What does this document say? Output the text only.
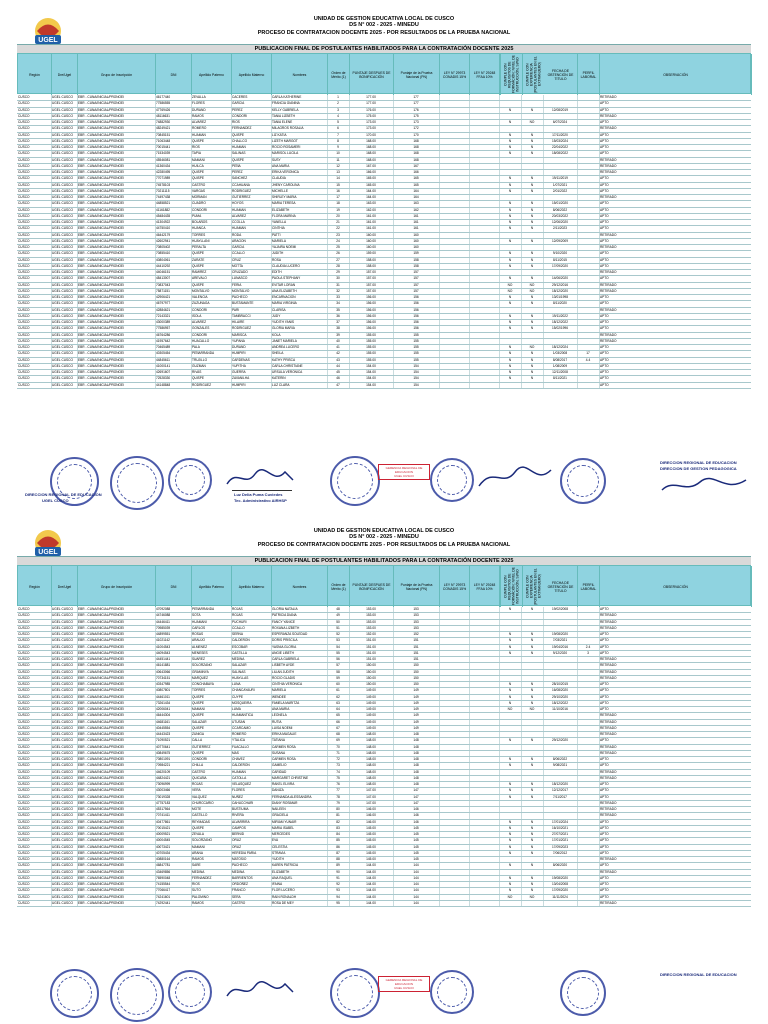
UGEL
UNIDAD DE GESTION EDUCATIVA LOCAL DE CUSCO
DS N° 002 - 2025 - MINEDU
PROCESO DE CONTRATACION DOCENTE 2025 - POR RESULTADOS DE LA PRUEBA NACIONAL
PUBLICACION FINAL DE POSTULANTES HABILITADOS PARA LA CONTRATACIÓN DOCENTE 2025
Región	Dre/Ugel	Grupo de Inscripción	DNI	Apellido Paterno	Apellido Materno	Nombres	Orden de Mérito (1)
PUNTAJE DESPUES DE BONIFICACIÓN
Puntaje de la Prueba Nacional (PN)
LEY N° 29973 CONADIS 15%
LEY N° 29248 FFAA 10%	CUMPLE CON REQUISITOS DE FORMACIÓN: NIVEL DE INSTRUCCIÓN, SI/NO	CUMPLE CON EXPERIENCIA (POSTULANTES EN EL EXTRANJERO)	FECHA DE OBTENCIÓN DE TITULO
PERFIL LABORAL	OBSERVACIÓN
CUSCO	UGEL CUSCO	EBR - CUNA/INICIAL/PRONOEI	46177440	ZEVALLA	CACERES	CARLA KATHERINE	1	177.00	177	RETIRADO
CUSCO	UGEL CUSCO	EBR - CUNA/INICIAL/PRONOEI	77586555	FLORES	GARCIA	FRANCIA GIANINA	2	177.00	177	APTO
CUSCO	UGEL CUSCO	EBR - CUNA/INICIAL/PRONOEI	47769426	DURAND	PEREZ	KELLY GABRIELA	3	176.00	176	N	N	12/08/2019	APTO
CUSCO	UGEL CUSCO	EBR - CUNA/INICIAL/PRONOEI	48116631	RAMOS	CONDORI	TANIA LIZBETH	4	175.00	175	RETIRADO
CUSCO	UGEL CUSCO	EBR - CUNA/INICIAL/PRONOEI	74882930	ALVAREZ	RIOS	TANIA ELENE	5	173.00	173	N	NO	6/07/2024	APTO
CUSCO	UGEL CUSCO	EBR - CUNA/INICIAL/PRONOEI	48249421	ROMERO	FERNANDEZ	MILAGROS ROSALIA	6	173.00	172	RETIRADO
CUSCO	UGEL CUSCO	EBR - CUNA/INICIAL/PRONOEI	70845151	HUAMAN	QUISPE	LIZ KATIA	7	170.00	170	N	N	17/11/2020	APTO
CUSCO	UGEL CUSCO	EBR - CUNA/INICIAL/PRONOEI	71063448	QUISPE	CHALLCO	LIZETH MARGOT	8	168.00	168	N	N	15/03/2024	APTO
CUSCO	UGEL CUSCO	EBR - CUNA/INICIAL/PRONOEI	70015441	RIOS	HUAMAN	ROCIO ROSAMERI	9	168.00	168	N	N	22/04/2022	APTO
CUSCO	UGEL CUSCO	EBR - CUNA/INICIAL/PRONOEI	71534039	TAPIA	SALINAS	MARISOL LUCILA	10	168.00	168	N	N	18/08/2022	APTO
CUSCO	UGEL CUSCO	EBR - CUNA/INICIAL/PRONOEI	45546081	MAMANI	QUISPE	SUSY	11	168.00	168	RETIRADO
CUSCO	UGEL CUSCO	EBR - CUNA/INICIAL/PRONOEI	41360434	HUILCA	PEÑA	ANA MARIA	12	167.00	167	RETIRADO
CUSCO	UGEL CUSCO	EBR - CUNA/INICIAL/PRONOEI	42280495	QUISPE	PEREZ	ERIKA VERONICA	13	166.00	166	RETIRADO
CUSCO	UGEL CUSCO	EBR - CUNA/INICIAL/PRONOEI	77071989	QUISPE	SANCHEZ	CLAUDIA	14	165.00	165	N	N	19/11/2019	APTO
CUSCO	UGEL CUSCO	EBR - CUNA/INICIAL/PRONOEI	74578103	CASTRO	CCAHUANA	JHENY CAROLINA	15	165.00	165	N	N	1/07/2021	APTO
CUSCO	UGEL CUSCO	EBR - CUNA/INICIAL/PRONOEI	70211115	VARGAS	RODRIGUEZ	MICHELLE	16	164.00	164	N	N	2/01/2022	APTO
CUSCO	UGEL CUSCO	EBR - CUNA/INICIAL/PRONOEI	74497438	MORMAN	GUTIERREZ	SHIRLEY MARIA	17	164.00	164	RETIRADO
CUSCO	UGEL CUSCO	EBR - CUNA/INICIAL/PRONOEI	44858521	CUADRO	HOYOS	MARIA TERESA	18	163.00	163	N	N	15/01/2020	APTO
CUSCO	UGEL CUSCO	EBR - CUNA/INICIAL/PRONOEI	41161882	CONDORI	HUAMAN	ELIZABETH	19	162.00	162	N	N	8/06/2022	APTO
CUSCO	UGEL CUSCO	EBR - CUNA/INICIAL/PRONOEI	45484435	PUMA	ALVAREZ	FLORA MARINA	20	161.00	161	N	N	20/03/2022	APTO
CUSCO	UGEL CUSCO	EBR - CUNA/INICIAL/PRONOEI	41304922	BOLAÑOS	CCOLLA	YANELLA	21	161.00	161	N	N	12/06/2020	APTO
CUSCO	UGEL CUSCO	EBR - CUNA/INICIAL/PRONOEI	44750410	HUANCA	HUAMAN	CINTHIA	22	161.00	161	N	N	2/11/2023	APTO
CUSCO	UGEL CUSCO	EBR - CUNA/INICIAL/PRONOEI	46442179	TORRES	RODA	PATTI	23	160.00	160	RETIRADO
CUSCO	UGEL CUSCO	EBR - CUNA/INICIAL/PRONOEI	42602941	HUAYLLANI	ARAGON	MARIELA	24	160.00	160	N	N	12/09/2009	APTO
CUSCO	UGEL CUSCO	EBR - CUNA/INICIAL/PRONOEI	70805402	PERALTA	GARCIA	YAJAIRA NOEMI	25	160.00	160	RETIRADO
CUSCO	UGEL CUSCO	EBR - CUNA/INICIAL/PRONOEI	70855410	QUISPE	CCALLO	JUDITH	26	159.00	159	N	N	9/10/2020	APTO
CUSCO	UGEL CUSCO	EBR - CUNA/INICIAL/PRONOEI	40804061	ZARATE	CRUZ	ROSA	27	158.00	158	N	N	8/11/2015	APTO
CUSCO	UGEL CUSCO	EBR - CUNA/INICIAL/PRONOEI	44410292	QUISPE	MOTTA	CLAUDIA LUCERO	28	158.00	158	N	N	17/09/2020	APTO
CUSCO	UGEL CUSCO	EBR - CUNA/INICIAL/PRONOEI	44046151	RAMIREZ	CRUZADO	EDITH	29	157.00	157	RETIRADO
CUSCO	UGEL CUSCO	EBR - CUNA/INICIAL/PRONOEI	48413007	AREVALO	LUNASCO	PAOLA STEPHANY	30	157.00	157	N	N	14/06/2020	APTO
CUSCO	UGEL CUSCO	EBR - CUNA/INICIAL/PRONOEI	70837043	QUISPE	FERIA	EVITAR LORAN	31	157.00	157	NO	NO	29/12/2016	RETIRADO
CUSCO	UGEL CUSCO	EBR - CUNA/INICIAL/PRONOEI	75871151	MONTALVO	MONTALVO	ANA ELIZABETH	32	157.00	157	NO	NO	18/12/2020	RETIRADO
CUSCO	UGEL CUSCO	EBR - CUNA/INICIAL/PRONOEI	42906421	VALENCIA	PACHECO	ENCARNACION	33	156.00	156	N	N	13/01/1998	APTO
CUSCO	UGEL CUSCO	EBR - CUNA/INICIAL/PRONOEI	46797977	ZUZUNAGA	BUSTAMANTE	MARIA VIRGINIA	34	156.00	156	N	N	8/11/2020	APTO
CUSCO	UGEL CUSCO	EBR - CUNA/INICIAL/PRONOEI	42884621	CONDORI	PARI	CLARISA	35	156.00	156	RETIRADO
CUSCO	UGEL CUSCO	EBR - CUNA/INICIAL/PRONOEI	72143321	ISOLA	TAMBRACCI	JUDY	36	156.00	156	N	N	19/11/2022	APTO
CUSCO	UGEL CUSCO	EBR - CUNA/INICIAL/PRONOEI	43000389	ALVAREZ	HILAIRE	YUDITH YANIS	37	156.00	156	N	N	18/12/2022	APTO
CUSCO	UGEL CUSCO	EBR - CUNA/INICIAL/PRONOEI	77586957	GONZALES	RODRIGUEZ	GLORIA MARIA	38	156.00	156	N	N	15/02/1996	APTO
CUSCO	UGEL CUSCO	EBR - CUNA/INICIAL/PRONOEI	46764286	CONDORI	MARISCA	KOLA	39	155.00	155	RETIRADO
CUSCO	UGEL CUSCO	EBR - CUNA/INICIAL/PRONOEI	41957642	HUACALLO	YUPANA	JANET MARIELA	40	155.00	155	RETIRADO
CUSCO	UGEL CUSCO	EBR - CUNA/INICIAL/PRONOEI	70465489	PALA	DURAND	ANDREA LUCERO	41	155.00	155	N	NO	18/12/2024	APTO
CUSCO	UGEL CUSCO	EBR - CUNA/INICIAL/PRONOEI	40305454	PEÑARRANDA	HUMPIRI	SHEILA	42	155.00	155	N	N	1/03/2008	17	APTO
CUSCO	UGEL CUSCO	EBR - CUNA/INICIAL/PRONOEI	44845611	TRUJILLO	CARDENAS	KATHY PRISCA	43	155.00	155	N	N	8/08/2017	4.4	APTO
CUSCO	UGEL CUSCO	EBR - CUNA/INICIAL/PRONOEI	41000141	GUZMAN	YUPITHA	CARLA CHRISTIANE	44	154.00	154	N	N	1/08/2009	APTO
CUSCO	UGEL CUSCO	EBR - CUNA/INICIAL/PRONOEI	42691607	RIVAS	GUERRA	URSULA VERONICA	45	154.00	154	N	N	12/11/2008	APTO
CUSCO	UGEL CUSCO	EBR - CUNA/INICIAL/PRONOEI	72528330	QUISPE	ZAVANILHA	KATERIN	46	154.00	154	N	N	8/11/2021	APTO
CUSCO	UGEL CUSCO	EBR - CUNA/INICIAL/PRONOEI	44148848	RODRIGUEZ	HUMPIRI	LUZ CLARA	47	154.00	154	APTO
DIRECCION REGIONAL DE EDUCACION
UGEL CUSCO
Luz Delia Puma Cuviedes
Tec. Administrativo AIRHSP
GERENCIA REGIONAL DE EDUCACION
UGEL CUSCO
DIRECCION REGIONAL DE EDUCACION
DIRECCION DE GESTION PEDAGOGICA
UGEL
UNIDAD DE GESTION EDUCATIVA LOCAL DE CUSCO
DS N° 002 - 2025 - MINEDU
PROCESO DE CONTRATACION DOCENTE 2025 - POR RESULTADOS DE LA PRUEBA NACIONAL
PUBLICACION FINAL DE POSTULANTES HABILITADOS PARA LA CONTRATACIÓN DOCENTE 2025
Región	Dre/Ugel	Grupo de Inscripción	DNI	Apellido Paterno	Apellido Materno	Nombres	Orden de Mérito (1)
PUNTAJE DESPUES DE BONIFICACIÓN
Puntaje de la Prueba Nacional (PN)
LEY N° 29973 CONADIS 15%
LEY N° 29248 FFAA 10%	CUMPLE CON REQUISITOS DE FORMACIÓN: NIVEL DE INSTRUCCIÓN, SI/NO	CUMPLE CON EXPERIENCIA (POSTULANTES EN EL EXTRANJERO)	FECHA DE OBTENCIÓN DE TITULO
PERFIL LABORAL	OBSERVACIÓN
CUSCO	UGEL CUSCO	EBR - CUNA/INICIAL/PRONOEI	47092088	PEÑARRANDA	ROJAS	GLORIA NATALIA	48	153.00	153	N	N	19/02/2008	APTO
CUSCO	UGEL CUSCO	EBR - CUNA/INICIAL/PRONOEI	44746088	SOTA	ROJAS	PATRICIA DIANA	49	153.00	153	RETIRADO
CUSCO	UGEL CUSCO	EBR - CUNA/INICIAL/PRONOEI	44446411	HUAMANI	PUCHURI	FANCY YANICE	50	153.00	153	RETIRADO
CUSCO	UGEL CUSCO	EBR - CUNA/INICIAL/PRONOEI	70985039	CARLOS	CCALLO	ROXANA LIZBETH	51	153.00	153	RETIRADO
CUSCO	UGEL CUSCO	EBR - CUNA/INICIAL/PRONOEI	44899551	ROSAS	SERNA	ESPERANZA SOLEDAD	52	152.00	152	N	N	19/08/2020	APTO
CUSCO	UGEL CUSCO	EBR - CUNA/INICIAL/PRONOEI	41021142	ARAUJO	CALDERON	DORIS PRISCILA	53	151.00	151	N	N	7/03/2021	APTO
CUSCO	UGEL CUSCO	EBR - CUNA/INICIAL/PRONOEI	41004543	ALMENEZ	ESCOBAR	YASNIA GLORIA	54	151.00	151	N	N	19/04/2016	2.4	APTO
CUSCO	UGEL CUSCO	EBR - CUNA/INICIAL/PRONOEI	44094543	MENESES	CASTILLA	ANGIE LIBETH	55	151.00	151	N	N	9/12/2020	3	APTO
CUSCO	UGEL CUSCO	EBR - CUNA/INICIAL/PRONOEI	44451441	SUAREZ	MEDINA	CARLA GABRIELA	56	151.00	151	RETIRADO
CUSCO	UGEL CUSCO	EBR - CUNA/INICIAL/PRONOEI	46141881	SOLORZANO	SALAZAR	LISBETH AYDE	57	150.00	150	RETIRADO
CUSCO	UGEL CUSCO	EBR - CUNA/INICIAL/PRONOEI	40643066	GRAMINYA	SALINAS	LILIAN JUDITH	58	150.00	150	RETIRADO
CUSCO	UGEL CUSCO	EBR - CUNA/INICIAL/PRONOEI	70734151	MARQUEZ	HUAYLLAS	ROCIO GLADIS	59	150.00	150	RETIRADO
CUSCO	UGEL CUSCO	EBR - CUNA/INICIAL/PRONOEI	40347985	CONCHABAYA	LUNA	CINTHIA VERONICA	60	150.00	150	N	N	28/10/2015	APTO
CUSCO	UGEL CUSCO	EBR - CUNA/INICIAL/PRONOEI	40807801	TORRES	CHANCAYAURI	MARIELA	61	149.00	149	N	N	16/08/2020	APTO
CUSCO	UGEL CUSCO	EBR - CUNA/INICIAL/PRONOEI	44461011	QUISPE	CUYPE	WENDEE	62	149.00	149	N	N	29/10/2020	APTO
CUSCO	UGEL CUSCO	EBR - CUNA/INICIAL/PRONOEI	73261434	QUISPE	MOSQUEIRA	FAMELA MARITZA	63	149.00	149	N	N	18/12/2022	APTO
CUSCO	UGEL CUSCO	EBR - CUNA/INICIAL/PRONOEI	42006041	MAMANI	LUMA	ANA MARIA	64	149.00	149	NO	NO	11/10/2016	APTO
CUSCO	UGEL CUSCO	EBR - CUNA/INICIAL/PRONOEI	46444304	QUISPE	HUAMANTICA	LEONELA	65	149.00	149	RETIRADO
CUSCO	UGEL CUSCO	EBR - CUNA/INICIAL/PRONOEI	44681161	SALAZAR	UTUSAN	RUTIA	66	149.00	149	RETIRADO
CUSCO	UGEL CUSCO	EBR - CUNA/INICIAL/PRONOEI	40445554	QUISPE	CCARCAMO	LUISA NOEMI	67	149.00	149	RETIRADO
CUSCO	UGEL CUSCO	EBR - CUNA/INICIAL/PRONOEI	44443423	ZUNIGA	ROMERO	ERIKA MAGALIE	68	148.00	148	RETIRADO
CUSCO	UGEL CUSCO	EBR - CUNA/INICIAL/PRONOEI	71090521	CALLA	YTALICA	TATIANA	69	148.00	148	N	N	29/12/2020	APTO
CUSCO	UGEL CUSCO	EBR - CUNA/INICIAL/PRONOEI	40770641	GUTIERREZ	FUACALLO	CARMEN ROSA	70	148.00	148	RETIRADO
CUSCO	UGEL CUSCO	EBR - CUNA/INICIAL/PRONOEI	40849675	QUISPE	MAS	SUSANA	71	148.00	148	RETIRADO
CUSCO	UGEL CUSCO	EBR - CUNA/INICIAL/PRONOEI	70801091	CONDORI	CHAVEZ	CARMEN ROSA	72	148.00	148	N	N	8/06/2022	APTO
CUSCO	UGEL CUSCO	EBR - CUNA/INICIAL/PRONOEI	70984221	CHILLA	CALDERON	GAMELIO	73	148.00	148	N	N	9/08/2021	APTO
CUSCO	UGEL CUSCO	EBR - CUNA/INICIAL/PRONOEI	44620109	CASTRO	HUAMAN	CARIDAD	74	148.00	148	RETIRADO
CUSCO	UGEL CUSCO	EBR - CUNA/INICIAL/PRONOEI	44824421	QUICAÑA	CATOLLA	MARGARET CHRISTINE	75	148.00	148	RETIRADO
CUSCO	UGEL CUSCO	EBR - CUNA/INICIAL/PRONOEI	73096999	ROJAS	VELASQUEZ	RAKEL ELVIRA	76	148.00	148	N	N	18/12/2020	APTO
CUSCO	UGEL CUSCO	EBR - CUNA/INICIAL/PRONOEI	43003466	VERA	FLORES	DANIZA	77	147.00	147	N	N	12/12/2017	APTO
CUSCO	UGEL CUSCO	EBR - CUNA/INICIAL/PRONOEI	73019328	VALQUEZ	NUÑEZ	FERNANDA ALESSANDRA	78	147.00	147	N	N	7/11/2017	APTO
CUSCO	UGEL CUSCO	EBR - CUNA/INICIAL/PRONOEI	47757183	CHURCCARIO	CAHUCCHARI	DIANY ROSIMAR	79	147.00	147	RETIRADO
CUSCO	UGEL CUSCO	EBR - CUNA/INICIAL/PRONOEI	45317564	MOTE	BUSTIUMA	NAILEEN	80	146.00	146	RETIRADO
CUSCO	UGEL CUSCO	EBR - CUNA/INICIAL/PRONOEI	70741411	CASTILLO	RIVERA	GRACIELA	81	146.00	146	RETIRADO
CUSCO	UGEL CUSCO	EBR - CUNA/INICIAL/PRONOEI	40477861	REYMADAS	ALVARRIRA	MIRIAM YUNAIR	82	146.00	146	N	N	17/01/2024	APTO
CUSCO	UGEL CUSCO	EBR - CUNA/INICIAL/PRONOEI	70015421	QUISPE	CAMPOS	MARIA ISABEL	83	145.00	145	N	N	16/10/2021	APTO
CUSCO	UGEL CUSCO	EBR - CUNA/INICIAL/PRONOEI	40009521	ZEVALA	BERNID	MERCEDES	84	145.00	145	N	N	27/07/2021	APTO
CUSCO	UGEL CUSCO	EBR - CUNA/INICIAL/PRONOEI	40004545	SOLORZANO	ORUZ	EVA	85	145.00	145	N	N	17/01/2021	APTO
CUSCO	UGEL CUSCO	EBR - CUNA/INICIAL/PRONOEI	40073421	MAMANI	ORUZ	CELESTIA	86	145.00	145	N	N	17/09/2023	APTO
CUSCO	UGEL CUSCO	EBR - CUNA/INICIAL/PRONOEI	40705434	ARANA	HEREDIA PARIA	STRAVIA	87	145.00	145	N	N	7/06/2012	APTO
CUSCO	UGEL CUSCO	EBR - CUNA/INICIAL/PRONOEI	40880164	RAMOS	MATOSIO	YUDITH	88	145.00	145	RETIRADO
CUSCO	UGEL CUSCO	EBR - CUNA/INICIAL/PRONOEI	46847781	SARE	PACHECO	KAREN PATRICIA	89	144.00	144	N	N	8/06/2020	APTO
CUSCO	UGEL CUSCO	EBR - CUNA/INICIAL/PRONOEI	43469856	MEDINA	MEDINA	ELIZABETH	90	144.00	144	RETIRADO
CUSCO	UGEL CUSCO	EBR - CUNA/INICIAL/PRONOEI	76590048	FERNANDEZ	BARRIENTOS	ANA RAQUEL	91	144.00	144	N	N	19/08/2020	APTO
CUSCO	UGEL CUSCO	EBR - CUNA/INICIAL/PRONOEI	74155544	RIOS	ORDOÑEZ	IFAINA	92	144.00	144	N	N	13/04/2008	APTO
CUSCO	UGEL CUSCO	EBR - CUNA/INICIAL/PRONOEI	77066417	SUTO	FRANCO	FLOR LUCERO	93	144.00	144	N	N	17/09/2020	APTO
CUSCO	UGEL CUSCO	EBR - CUNA/INICIAL/PRONOEI	74241601	PALOMINO	SERA	RAIN RONALDH	94	144.00	144	NO	NO	11/11/2024	APTO
CUSCO	UGEL CUSCO	EBR - CUNA/INICIAL/PRONOEI	74292441	RAMOS	CASTRO	ROSA DE MEY	95	144.00	144	RETIRADO
GERENCIA REGIONAL DE EDUCACION
UGEL CUSCO
DIRECCION REGIONAL DE EDUCACION
